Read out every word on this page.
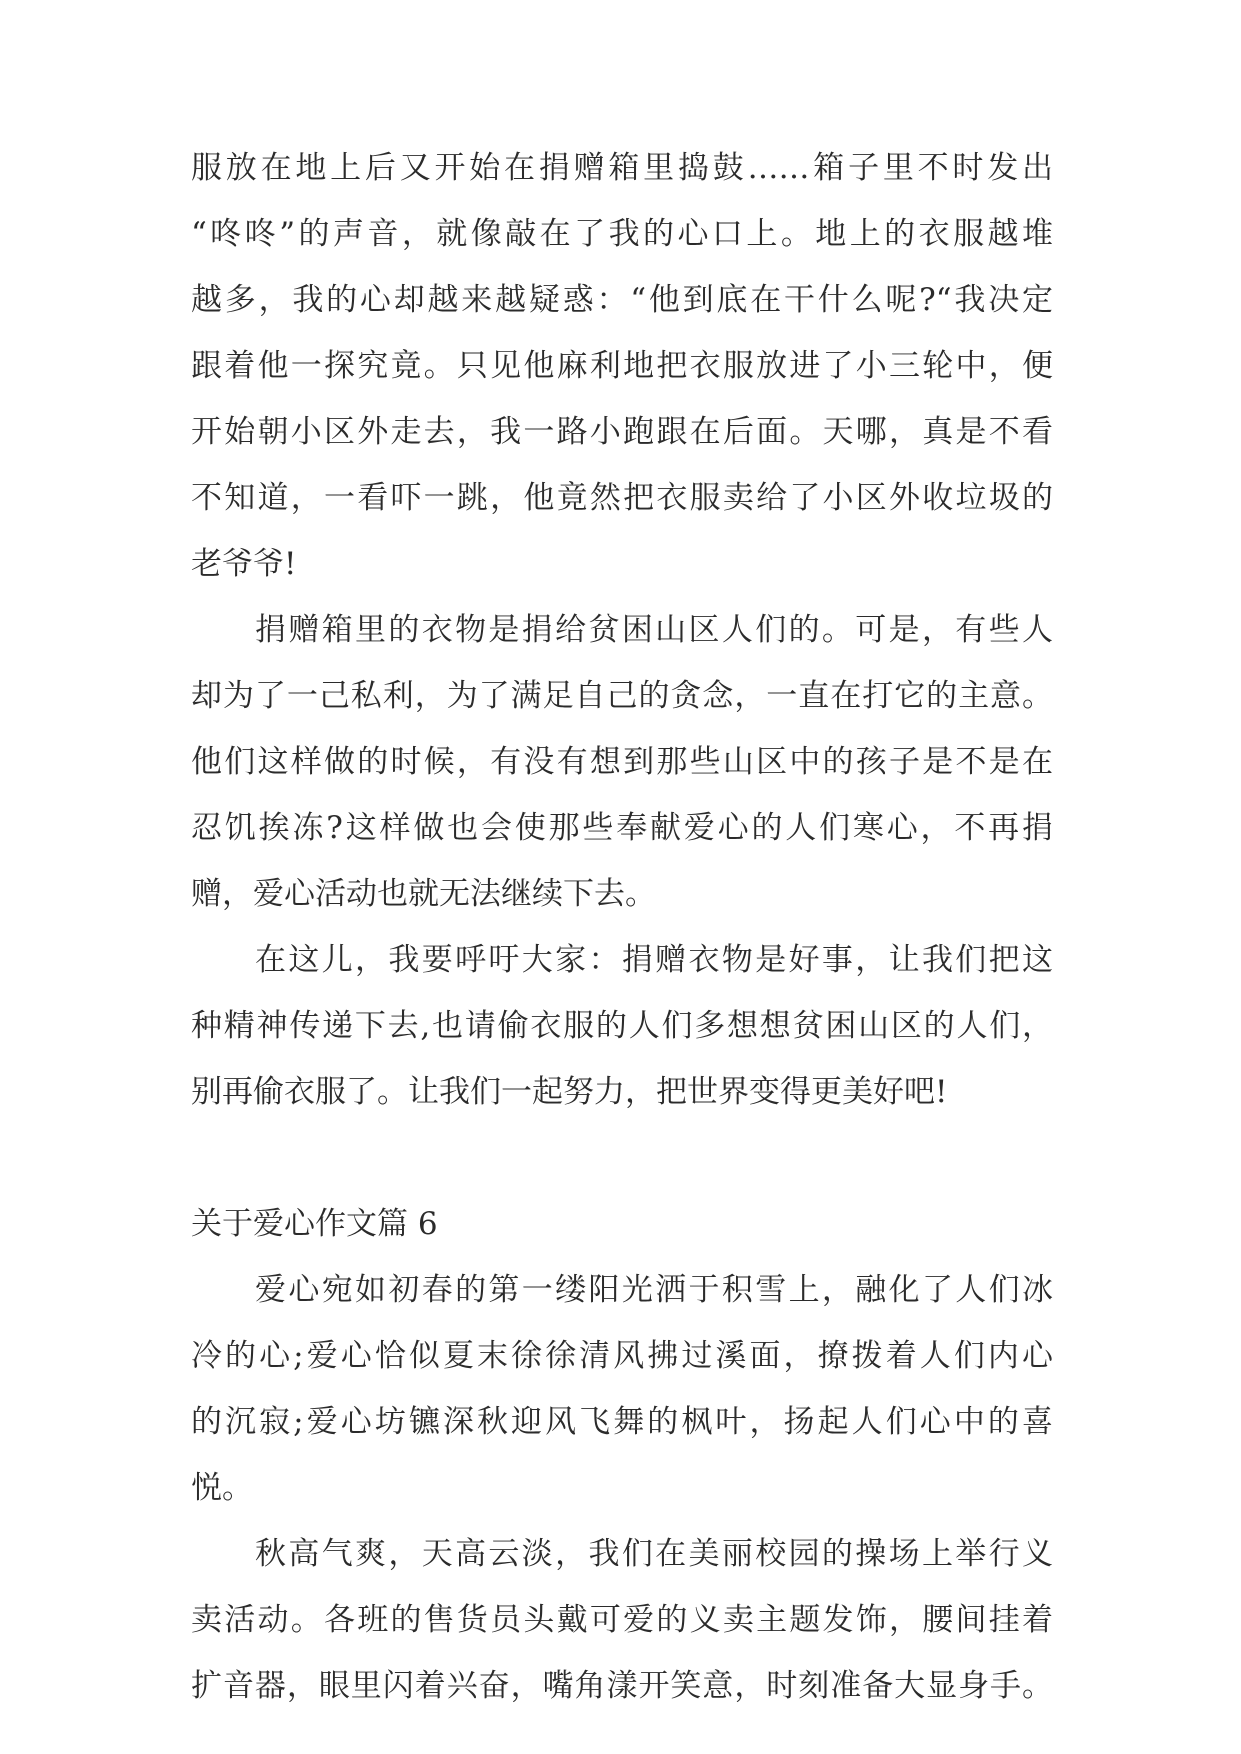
服放在地上后又开始在捐赠箱里捣鼓……箱子里不时发出
“咚咚”的声音，就像敲在了我的心口上。地上的衣服越堆
越多，我的心却越来越疑惑：“他到底在干什么呢?“我决定
跟着他一探究竟。只见他麻利地把衣服放进了小三轮中，便
开始朝小区外走去，我一路小跑跟在后面。天哪，真是不看
不知道，一看吓一跳，他竟然把衣服卖给了小区外收垃圾的
老爷爷!
捐赠箱里的衣物是捐给贫困山区人们的。可是，有些人
却为了一己私利，为了满足自己的贪念，一直在打它的主意。
他们这样做的时候，有没有想到那些山区中的孩子是不是在
忍饥挨冻?这样做也会使那些奉献爱心的人们寒心，不再捐
赠，爱心活动也就无法继续下去。
在这儿，我要呼吁大家：捐赠衣物是好事，让我们把这
种精神传递下去,也请偷衣服的人们多想想贫困山区的人们，
别再偷衣服了。让我们一起努力，把世界变得更美好吧!
关于爱心作文篇 6
爱心宛如初春的第一缕阳光洒于积雪上，融化了人们冰
冷的心;爱心恰似夏末徐徐清风拂过溪面，撩拨着人们内心
的沉寂;爱心坊镳深秋迎风飞舞的枫叶，扬起人们心中的喜
悦。
秋高气爽，天高云淡，我们在美丽校园的操场上举行义
卖活动。各班的售货员头戴可爱的义卖主题发饰，腰间挂着
扩音器，眼里闪着兴奋，嘴角漾开笑意，时刻准备大显身手。
